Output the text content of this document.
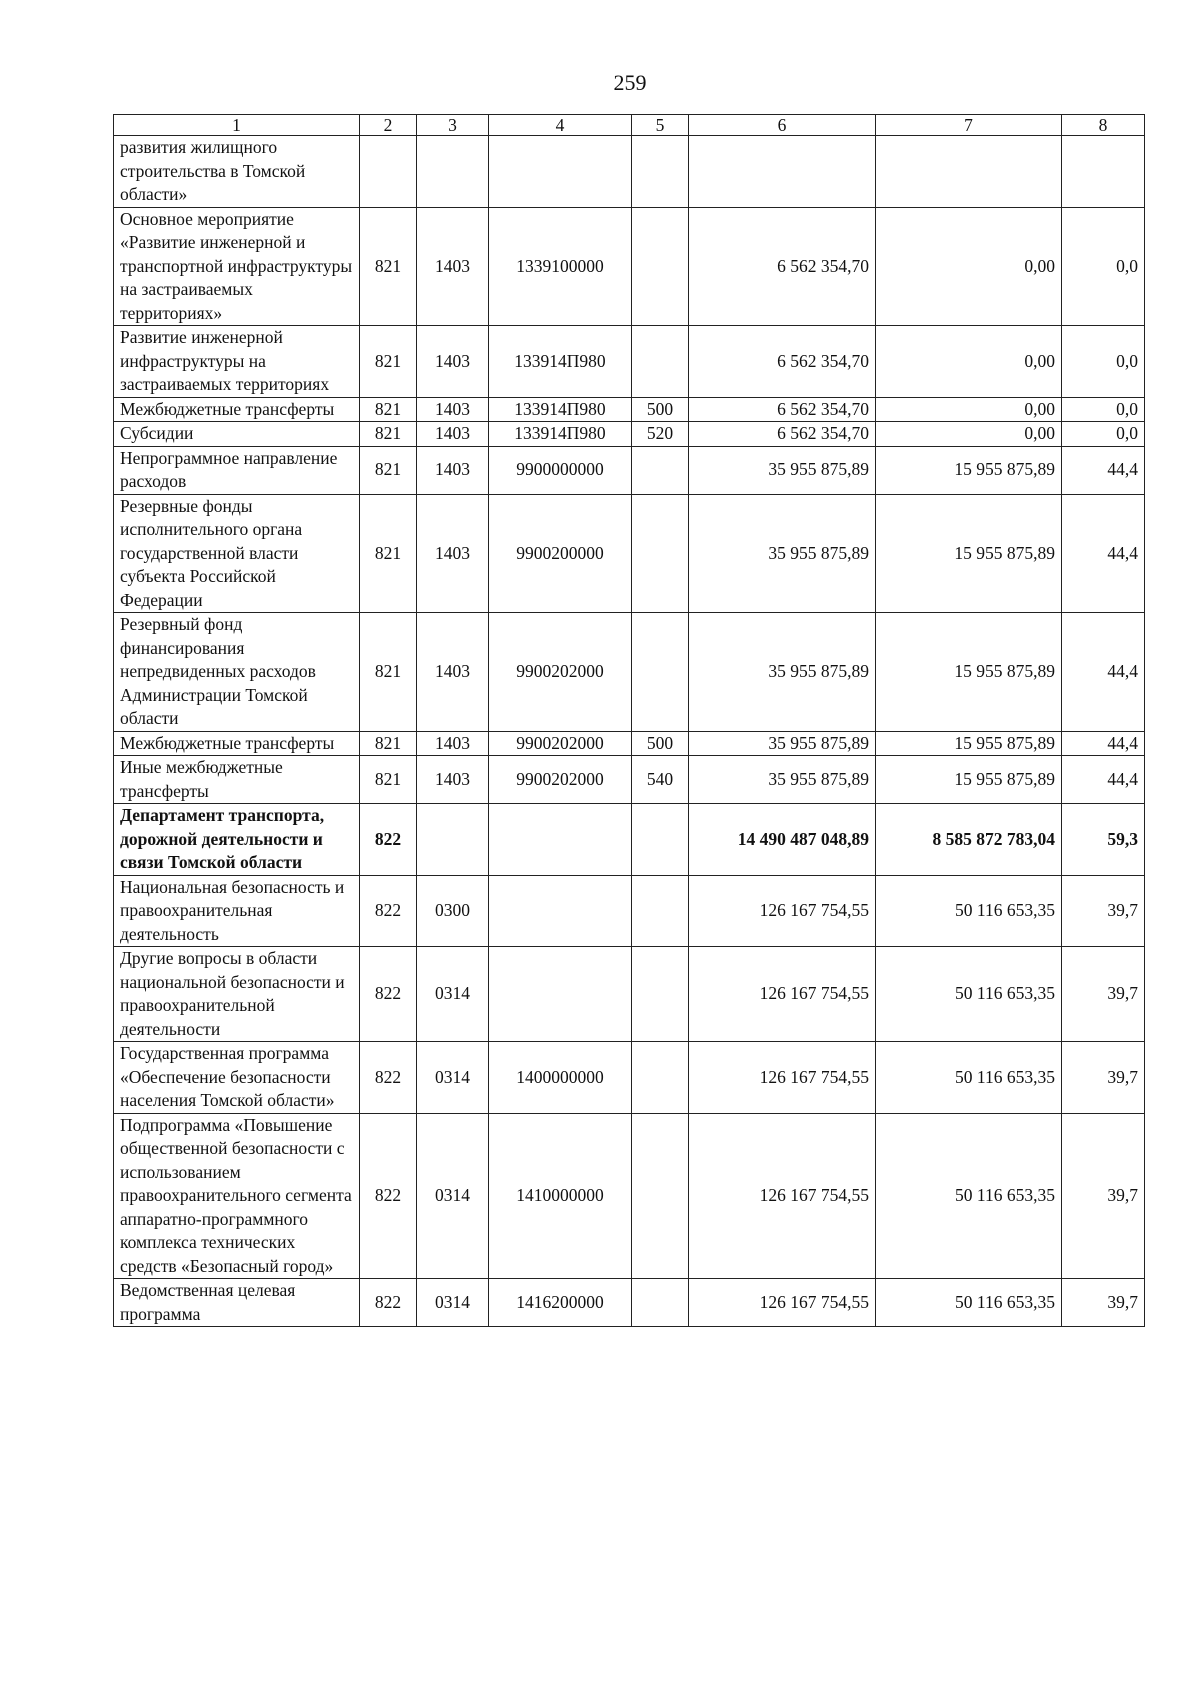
259
1	2	3	4	5	6	7	8
развития жилищного строительства в Томской области»							
Основное мероприятие «Развитие инженерной и транспортной инфраструктуры на застраиваемых территориях»	821	1403	1339100000		6 562 354,70	0,00	0,0
Развитие инженерной инфраструктуры на застраиваемых территориях	821	1403	133914П980		6 562 354,70	0,00	0,0
Межбюджетные трансферты	821	1403	133914П980	500	6 562 354,70	0,00	0,0
Субсидии	821	1403	133914П980	520	6 562 354,70	0,00	0,0
Непрограммное направление расходов	821	1403	9900000000		35 955 875,89	15 955 875,89	44,4
Резервные фонды исполнительного органа государственной власти субъекта Российской Федерации	821	1403	9900200000		35 955 875,89	15 955 875,89	44,4
Резервный фонд финансирования непредвиденных расходов Администрации Томской области	821	1403	9900202000		35 955 875,89	15 955 875,89	44,4
Межбюджетные трансферты	821	1403	9900202000	500	35 955 875,89	15 955 875,89	44,4
Иные межбюджетные трансферты	821	1403	9900202000	540	35 955 875,89	15 955 875,89	44,4
Департамент транспорта, дорожной деятельности и связи Томской области	822				14 490 487 048,89	8 585 872 783,04	59,3
Национальная безопасность и правоохранительная деятельность	822	0300			126 167 754,55	50 116 653,35	39,7
Другие вопросы в области национальной безопасности и правоохранительной деятельности	822	0314			126 167 754,55	50 116 653,35	39,7
Государственная программа «Обеспечение безопасности населения Томской области»	822	0314	1400000000		126 167 754,55	50 116 653,35	39,7
Подпрограмма «Повышение общественной безопасности с использованием правоохранительного сегмента аппаратно-программного комплекса технических средств «Безопасный город»	822	0314	1410000000		126 167 754,55	50 116 653,35	39,7
Ведомственная целевая программа	822	0314	1416200000		126 167 754,55	50 116 653,35	39,7
